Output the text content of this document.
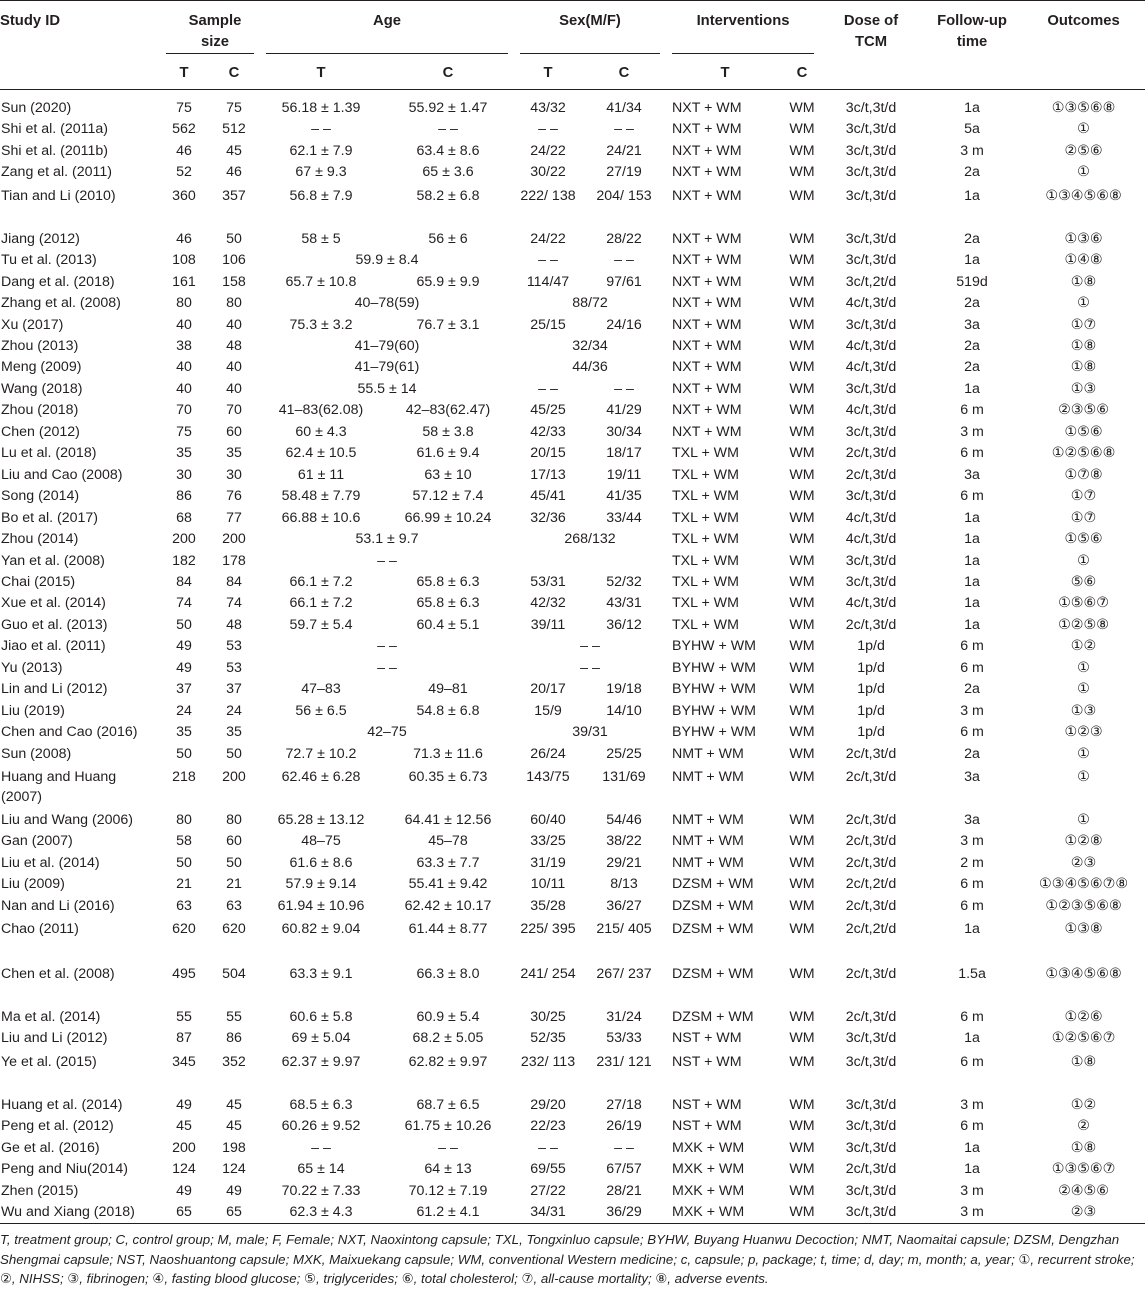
Study ID	Sample size		Age		Sex(M/F)		Interventions		Dose of TCM	Follow-up time	Outcomes
	T	C	T	C	T	C	T	C			
Sun (2020)	75	75	56.18 ± 1.39	55.92 ± 1.47	43/32	41/34	NXT + WM	WM	3c/t,3t/d	1a	①③⑤⑥⑧
Shi et al. (2011a)	562	512	– –	– –	– –	– –	NXT + WM	WM	3c/t,3t/d	5a	①
Shi et al. (2011b)	46	45	62.1 ± 7.9	63.4 ± 8.6	24/22	24/21	NXT + WM	WM	3c/t,3t/d	3 m	②⑤⑥
Zang et al. (2011)	52	46	67 ± 9.3	65 ± 3.6	30/22	27/19	NXT + WM	WM	3c/t,3t/d	2a	①
Tian and Li (2010)	360	357	56.8 ± 7.9	58.2 ± 6.8	222/ 138	204/ 153	NXT + WM	WM	3c/t,3t/d	1a	①③④⑤⑥⑧
Jiang (2012)	46	50	58 ± 5	56 ± 6	24/22	28/22	NXT + WM	WM	3c/t,3t/d	2a	①③⑥
Tu et al. (2013)	108	106	59.9 ± 8.4		– –	– –	NXT + WM	WM	3c/t,3t/d	1a	①④⑧
Dang et al. (2018)	161	158	65.7 ± 10.8	65.9 ± 9.9	114/47	97/61	NXT + WM	WM	3c/t,2t/d	519d	①⑧
Zhang et al. (2008)	80	80	40–78(59)		88/72		NXT + WM	WM	4c/t,3t/d	2a	①
Xu (2017)	40	40	75.3 ± 3.2	76.7 ± 3.1	25/15	24/16	NXT + WM	WM	3c/t,3t/d	3a	①⑦
Zhou (2013)	38	48	41–79(60)		32/34		NXT + WM	WM	4c/t,3t/d	2a	①⑧
Meng (2009)	40	40	41–79(61)		44/36		NXT + WM	WM	4c/t,3t/d	2a	①⑧
Wang (2018)	40	40	55.5 ± 14		– –	– –	NXT + WM	WM	3c/t,3t/d	1a	①③
Zhou (2018)	70	70	41–83(62.08)	42–83(62.47)	45/25	41/29	NXT + WM	WM	4c/t,3t/d	6 m	②③⑤⑥
Chen (2012)	75	60	60 ± 4.3	58 ± 3.8	42/33	30/34	NXT + WM	WM	3c/t,3t/d	3 m	①⑤⑥
Lu et al. (2018)	35	35	62.4 ± 10.5	61.6 ± 9.4	20/15	18/17	TXL + WM	WM	2c/t,3t/d	6 m	①②⑤⑥⑧
Liu and Cao (2008)	30	30	61 ± 11	63 ± 10	17/13	19/11	TXL + WM	WM	2c/t,3t/d	3a	①⑦⑧
Song (2014)	86	76	58.48 ± 7.79	57.12 ± 7.4	45/41	41/35	TXL + WM	WM	3c/t,3t/d	6 m	①⑦
Bo et al. (2017)	68	77	66.88 ± 10.6	66.99 ± 10.24	32/36	33/44	TXL + WM	WM	4c/t,3t/d	1a	①⑦
Zhou (2014)	200	200	53.1 ± 9.7		268/132		TXL + WM	WM	4c/t,3t/d	1a	①⑤⑥
Yan et al. (2008)	182	178	– –				TXL + WM	WM	3c/t,3t/d	1a	①
Chai (2015)	84	84	66.1 ± 7.2	65.8 ± 6.3	53/31	52/32	TXL + WM	WM	3c/t,3t/d	1a	⑤⑥
Xue et al. (2014)	74	74	66.1 ± 7.2	65.8 ± 6.3	42/32	43/31	TXL + WM	WM	4c/t,3t/d	1a	①⑤⑥⑦
Guo et al. (2013)	50	48	59.7 ± 5.4	60.4 ± 5.1	39/11	36/12	TXL + WM	WM	2c/t,3t/d	1a	①②⑤⑧
Jiao et al. (2011)	49	53	– –		– –		BYHW + WM	WM	1p/d	6 m	①②
Yu (2013)	49	53	– –		– –		BYHW + WM	WM	1p/d	6 m	①
Lin and Li (2012)	37	37	47–83	49–81	20/17	19/18	BYHW + WM	WM	1p/d	2a	①
Liu (2019)	24	24	56 ± 6.5	54.8 ± 6.8	15/9	14/10	BYHW + WM	WM	1p/d	3 m	①③
Chen and Cao (2016)	35	35	42–75		39/31		BYHW + WM	WM	1p/d	6 m	①②③
Sun (2008)	50	50	72.7 ± 10.2	71.3 ± 11.6	26/24	25/25	NMT + WM	WM	2c/t,3t/d	2a	①
Huang and Huang (2007)	218	200	62.46 ± 6.28	60.35 ± 6.73	143/75	131/69	NMT + WM	WM	2c/t,3t/d	3a	①
Liu and Wang (2006)	80	80	65.28 ± 13.12	64.41 ± 12.56	60/40	54/46	NMT + WM	WM	2c/t,3t/d	3a	①
Gan (2007)	58	60	48–75	45–78	33/25	38/22	NMT + WM	WM	2c/t,3t/d	3 m	①②⑧
Liu et al. (2014)	50	50	61.6 ± 8.6	63.3 ± 7.7	31/19	29/21	NMT + WM	WM	2c/t,3t/d	2 m	②③
Liu (2009)	21	21	57.9 ± 9.14	55.41 ± 9.42	10/11	8/13	DZSM + WM	WM	2c/t,2t/d	6 m	①③④⑤⑥⑦⑧
Nan and Li (2016)	63	63	61.94 ± 10.96	62.42 ± 10.17	35/28	36/27	DZSM + WM	WM	2c/t,3t/d	6 m	①②③⑤⑥⑧
Chao (2011)	620	620	60.82 ± 9.04	61.44 ± 8.77	225/ 395	215/ 405	DZSM + WM	WM	2c/t,2t/d	1a	①③⑧
Chen et al. (2008)	495	504	63.3 ± 9.1	66.3 ± 8.0	241/ 254	267/ 237	DZSM + WM	WM	2c/t,3t/d	1.5a	①③④⑤⑥⑧
Ma et al. (2014)	55	55	60.6 ± 5.8	60.9 ± 5.4	30/25	31/24	DZSM + WM	WM	2c/t,3t/d	6 m	①②⑥
Liu and Li (2012)	87	86	69 ± 5.04	68.2 ± 5.05	52/35	53/33	NST + WM	WM	3c/t,3t/d	1a	①②⑤⑥⑦
Ye et al. (2015)	345	352	62.37 ± 9.97	62.82 ± 9.97	232/ 113	231/ 121	NST + WM	WM	3c/t,3t/d	6 m	①⑧
Huang et al. (2014)	49	45	68.5 ± 6.3	68.7 ± 6.5	29/20	27/18	NST + WM	WM	3c/t,3t/d	3 m	①②
Peng et al. (2012)	45	45	60.26 ± 9.52	61.75 ± 10.26	22/23	26/19	NST + WM	WM	3c/t,3t/d	6 m	②
Ge et al. (2016)	200	198	– –	– –	– –	– –	MXK + WM	WM	3c/t,3t/d	1a	①⑧
Peng and Niu(2014)	124	124	65 ± 14	64 ± 13	69/55	67/57	MXK + WM	WM	2c/t,3t/d	1a	①③⑤⑥⑦
Zhen (2015)	49	49	70.22 ± 7.33	70.12 ± 7.19	27/22	28/21	MXK + WM	WM	3c/t,3t/d	3 m	②④⑤⑥
Wu and Xiang (2018)	65	65	62.3 ± 4.3	61.2 ± 4.1	34/31	36/29	MXK + WM	WM	3c/t,3t/d	3 m	②③
T, treatment group; C, control group; M, male; F, Female; NXT, Naoxintong capsule; TXL, Tongxinluo capsule; BYHW, Buyang Huanwu Decoction; NMT, Naomaitai capsule; DZSM, Dengzhan Shengmai capsule; NST, Naoshuantong capsule; MXK, Maixuekang capsule; WM, conventional Western medicine; c, capsule; p, package; t, time; d, day; m, month; a, year; ①, recurrent stroke; ②, NIHSS; ③, fibrinogen; ④, fasting blood glucose; ⑤, triglycerides; ⑥, total cholesterol; ⑦, all-cause mortality; ⑧, adverse events.
